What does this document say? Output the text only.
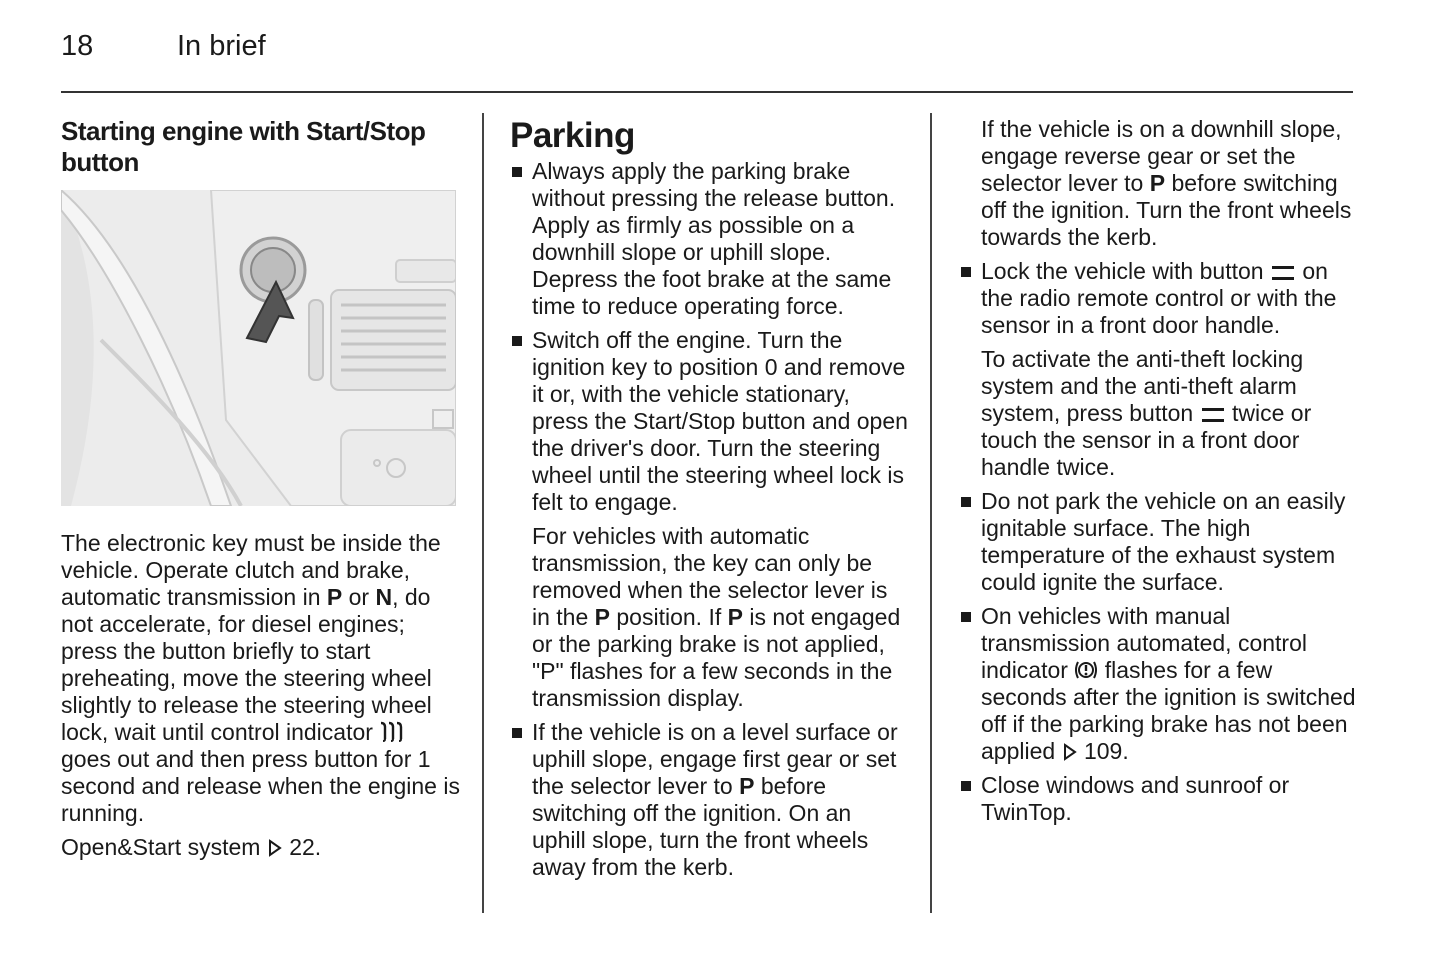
18	In brief
Starting engine with Start/Stop button

The electronic key must be inside the vehicle. Operate clutch and brake, automatic transmission in P or N, do not accelerate, for diesel engines; press the button briefly to start preheating, move the steering wheel slightly to release the steering wheel lock, wait until control indicator  goes out and then press button for 1 second and release when the engine is running.

Open&Start system  22.

Parking
Always apply the parking brake without pressing the release button. Apply as firmly as possible on a downhill slope or uphill slope. Depress the foot brake at the same time to reduce operating force.
Switch off the engine. Turn the ignition key to position 0 and remove it or, with the vehicle stationary, press the Start/Stop button and open the driver's door. Turn the steering wheel until the steering wheel lock is felt to engage.

For vehicles with automatic transmission, the key can only be removed when the selector lever is in the P position. If P is not engaged or the parking brake is not applied, "P" flashes for a few seconds in the transmission display.

If the vehicle is on a level surface or uphill slope, engage first gear or set the selector lever to P before switching off the ignition. On an uphill slope, turn the front wheels away from the kerb.

If the vehicle is on a downhill slope, engage reverse gear or set the selector lever to P before switching off the ignition. Turn the front wheels towards the kerb.

Lock the vehicle with button  on the radio remote control or with the sensor in a front door handle.

To activate the anti-theft locking system and the anti-theft alarm system, press button  twice or touch the sensor in a front door handle twice.

Do not park the vehicle on an easily ignitable surface. The high temperature of the exhaust system could ignite the surface.
On vehicles with manual transmission automated, control indicator  flashes for a few seconds after the ignition is switched off if the parking brake has not been applied  109.
Close windows and sunroof or TwinTop.
